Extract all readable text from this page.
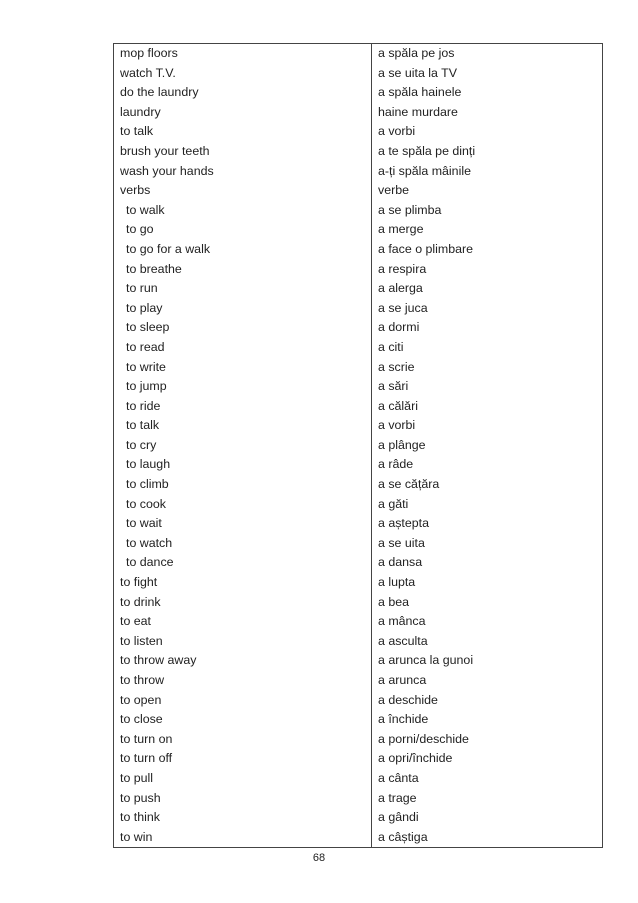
mop floors	a spăla pe jos
watch T.V.	a se uita la TV
do the laundry	a spăla hainele
laundry	haine murdare
to talk	a vorbi
brush your teeth	a te spăla pe dinți
wash your hands	a-ți spăla mâinile
verbs	verbe
to walk	a se plimba
to go	a merge
to go for a walk	a face o plimbare
to breathe	a respira
to run	a alerga
to play	a se juca
to sleep	a dormi
to read	a citi
to write	a scrie
to jump	a sări
to ride	a călări
to talk	a vorbi
to cry	a plânge
to laugh	a râde
to climb	a se cățăra
to cook	a găti
to wait	a aștepta
to watch	a se uita
to dance	a dansa
to fight	a lupta
to drink	a bea
to eat	a mânca
to listen	a asculta
to throw away	a arunca la gunoi
to throw	a arunca
to open	a deschide
to close	a închide
to turn on	a porni/deschide
to turn off	a opri/închide
to pull	a cânta
to push	a trage
to think	a gândi
to win	a câștiga
68
